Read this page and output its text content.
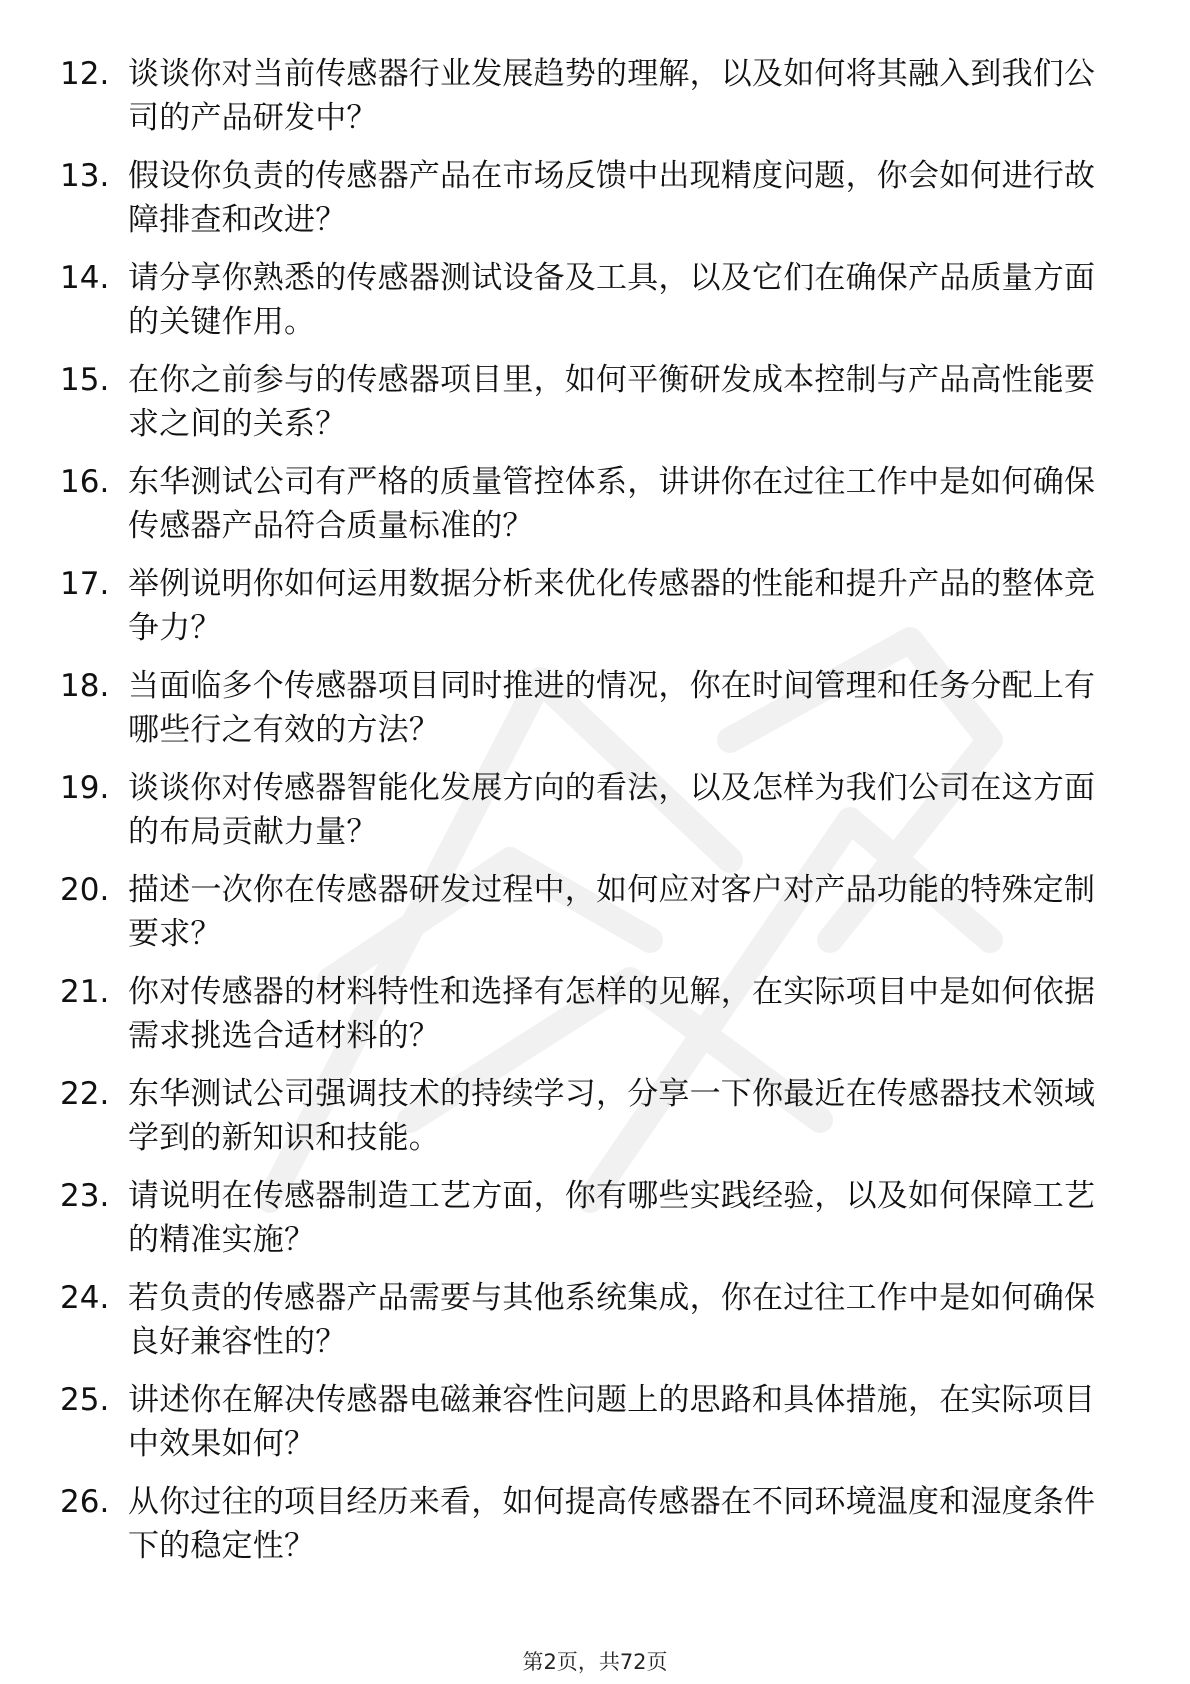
12. 谈谈你对当前传感器行业发展趋势的理解，以及如何将其融入到我们公司的产品研发中？
13. 假设你负责的传感器产品在市场反馈中出现精度问题，你会如何进行故障排查和改进？
14. 请分享你熟悉的传感器测试设备及工具，以及它们在确保产品质量方面的关键作用。
15. 在你之前参与的传感器项目里，如何平衡研发成本控制与产品高性能要求之间的关系？
16. 东华测试公司有严格的质量管控体系，讲讲你在过往工作中是如何确保传感器产品符合质量标准的？
17. 举例说明你如何运用数据分析来优化传感器的性能和提升产品的整体竞争力？
18. 当面临多个传感器项目同时推进的情况，你在时间管理和任务分配上有哪些行之有效的方法？
19. 谈谈你对传感器智能化发展方向的看法，以及怎样为我们公司在这方面的布局贡献力量？
20. 描述一次你在传感器研发过程中，如何应对客户对产品功能的特殊定制要求？
21. 你对传感器的材料特性和选择有怎样的见解，在实际项目中是如何依据需求挑选合适材料的？
22. 东华测试公司强调技术的持续学习，分享一下你最近在传感器技术领域学到的新知识和技能。
23. 请说明在传感器制造工艺方面，你有哪些实践经验，以及如何保障工艺的精准实施？
24. 若负责的传感器产品需要与其他系统集成，你在过往工作中是如何确保良好兼容性的？
25. 讲述你在解决传感器电磁兼容性问题上的思路和具体措施，在实际项目中效果如何？
26. 从你过往的项目经历来看，如何提高传感器在不同环境温度和湿度条件下的稳定性？
第2页，共72页
